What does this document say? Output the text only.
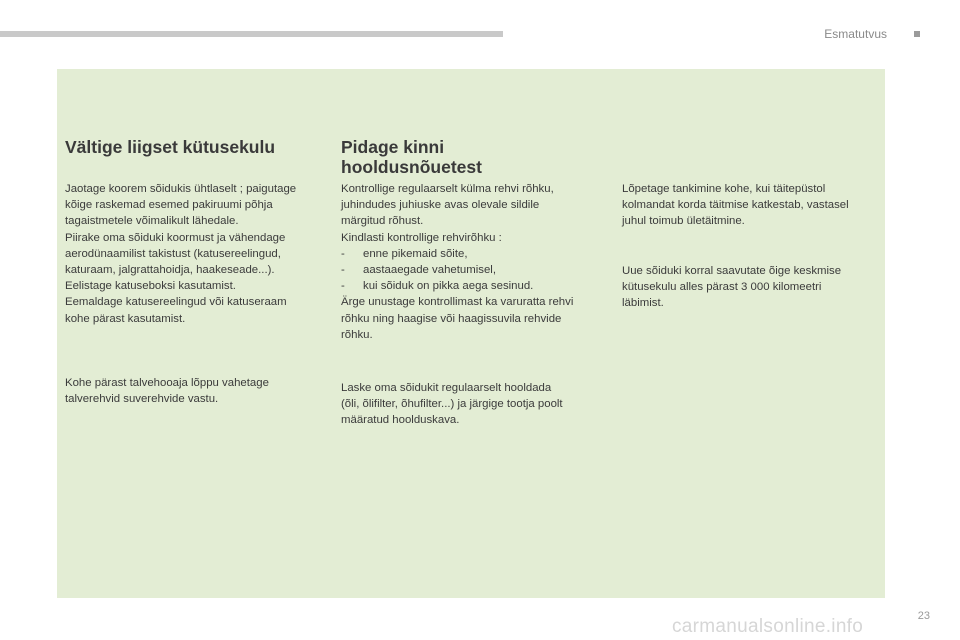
Esmatutvus
Vältige liigset kütusekulu

Jaotage koorem sõidukis ühtlaselt ; paigutage

kõige raskemad esemed pakiruumi põhja

tagaistmetele võimalikult lähedale.

Piirake oma sõiduki koormust ja vähendage

aerodünaamilist takistust (katusereelingud,

katuraam, jalgrattahoidja, haakeseade...).

Eelistage katuseboksi kasutamist.

Eemaldage katusereelingud või katuseraam

kohe pärast kasutamist.

Kohe pärast talvehooaja lõppu vahetage

talverehvid suverehvide vastu.

Pidage kinni
hooldusnõuetest

Kontrollige regulaarselt külma rehvi rõhku,

juhindudes juhiuske avas olevale sildile

märgitud rõhust.

Kindlasti kontrollige rehvirõhku :

- enne pikemaid sõite,

- aastaaegade vahetumisel,

- kui sõiduk on pikka aega sesinud.

Ärge unustage kontrollimast ka varuratta rehvi

rõhku ning haagise või haagissuvila rehvide

rõhku.

Laske oma sõidukit regulaarselt hooldada

(õli, õlifilter, õhufilter...) ja järgige tootja poolt

määratud hoolduskava.

Lõpetage tankimine kohe, kui täitepüstol

kolmandat korda täitmise katkestab, vastasel

juhul toimub ületäitmine.

Uue sõiduki korral saavutate õige keskmise

kütusekulu alles pärast 3 000 kilomeetri

läbimist.

23
carmanualsonline.info
